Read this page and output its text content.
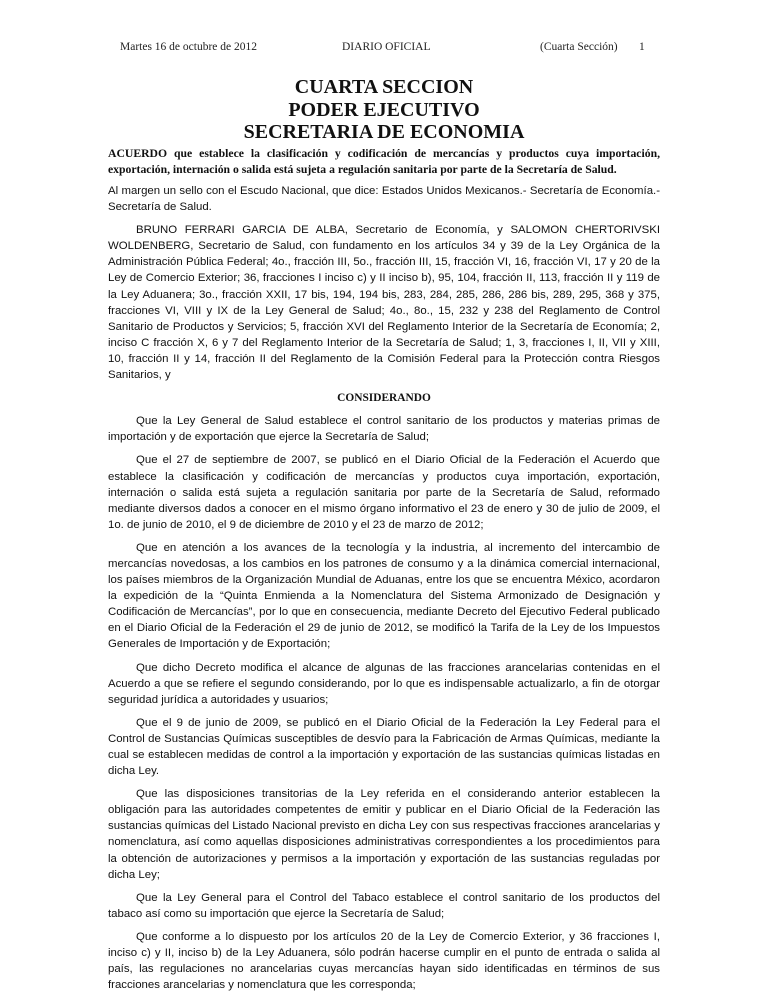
Martes 16 de octubre de 2012	DIARIO OFICIAL	(Cuarta Sección) 1
CUARTA SECCION
PODER EJECUTIVO
SECRETARIA DE ECONOMIA

ACUERDO que establece la clasificación y codificación de mercancías y productos cuya importación, exportación, internación o salida está sujeta a regulación sanitaria por parte de la Secretaría de Salud.

Al margen un sello con el Escudo Nacional, que dice: Estados Unidos Mexicanos.- Secretaría de Economía.- Secretaría de Salud.

BRUNO FERRARI GARCIA DE ALBA, Secretario de Economía, y SALOMON CHERTORIVSKI WOLDENBERG, Secretario de Salud, con fundamento en los artículos 34 y 39 de la Ley Orgánica de la Administración Pública Federal; 4o., fracción III, 5o., fracción III, 15, fracción VI, 16, fracción VI, 17 y 20 de la Ley de Comercio Exterior; 36, fracciones I inciso c) y II inciso b), 95, 104, fracción II, 113, fracción II y 119 de la Ley Aduanera; 3o., fracción XXII, 17 bis, 194, 194 bis, 283, 284, 285, 286, 286 bis, 289, 295, 368 y 375, fracciones VI, VIII y IX de la Ley General de Salud; 4o., 8o., 15, 232 y 238 del Reglamento de Control Sanitario de Productos y Servicios; 5, fracción XVI del Reglamento Interior de la Secretaría de Economía; 2, inciso C fracción X, 6 y 7 del Reglamento Interior de la Secretaría de Salud; 1, 3, fracciones I, II, VII y XIII, 10, fracción II y 14, fracción II del Reglamento de la Comisión Federal para la Protección contra Riesgos Sanitarios, y

CONSIDERANDO

Que la Ley General de Salud establece el control sanitario de los productos y materias primas de importación y de exportación que ejerce la Secretaría de Salud;

Que el 27 de septiembre de 2007, se publicó en el Diario Oficial de la Federación el Acuerdo que establece la clasificación y codificación de mercancías y productos cuya importación, exportación, internación o salida está sujeta a regulación sanitaria por parte de la Secretaría de Salud, reformado mediante diversos dados a conocer en el mismo órgano informativo el 23 de enero y 30 de julio de 2009, el 1o. de junio de 2010, el 9 de diciembre de 2010 y el 23 de marzo de 2012;

Que en atención a los avances de la tecnología y la industria, al incremento del intercambio de mercancías novedosas, a los cambios en los patrones de consumo y a la dinámica comercial internacional, los países miembros de la Organización Mundial de Aduanas, entre los que se encuentra México, acordaron la expedición de la “Quinta Enmienda a la Nomenclatura del Sistema Armonizado de Designación y Codificación de Mercancías”, por lo que en consecuencia, mediante Decreto del Ejecutivo Federal publicado en el Diario Oficial de la Federación el 29 de junio de 2012, se modificó la Tarifa de la Ley de los Impuestos Generales de Importación y de Exportación;

Que dicho Decreto modifica el alcance de algunas de las fracciones arancelarias contenidas en el Acuerdo a que se refiere el segundo considerando, por lo que es indispensable actualizarlo, a fin de otorgar seguridad jurídica a autoridades y usuarios;

Que el 9 de junio de 2009, se publicó en el Diario Oficial de la Federación la Ley Federal para el Control de Sustancias Químicas susceptibles de desvío para la Fabricación de Armas Químicas, mediante la cual se establecen medidas de control a la importación y exportación de las sustancias químicas listadas en dicha Ley.

Que las disposiciones transitorias de la Ley referida en el considerando anterior establecen la obligación para las autoridades competentes de emitir y publicar en el Diario Oficial de la Federación las sustancias químicas del Listado Nacional previsto en dicha Ley con sus respectivas fracciones arancelarias y nomenclatura, así como aquellas disposiciones administrativas correspondientes a los procedimientos para la obtención de autorizaciones y permisos a la importación y exportación de las sustancias reguladas por dicha Ley;

Que la Ley General para el Control del Tabaco establece el control sanitario de los productos del tabaco así como su importación que ejerce la Secretaría de Salud;

Que conforme a lo dispuesto por los artículos 20 de la Ley de Comercio Exterior, y 36 fracciones I, inciso c) y II, inciso b) de la Ley Aduanera, sólo podrán hacerse cumplir en el punto de entrada o salida al país, las regulaciones no arancelarias cuyas mercancías hayan sido identificadas en términos de sus fracciones arancelarias y nomenclatura que les corresponda;
